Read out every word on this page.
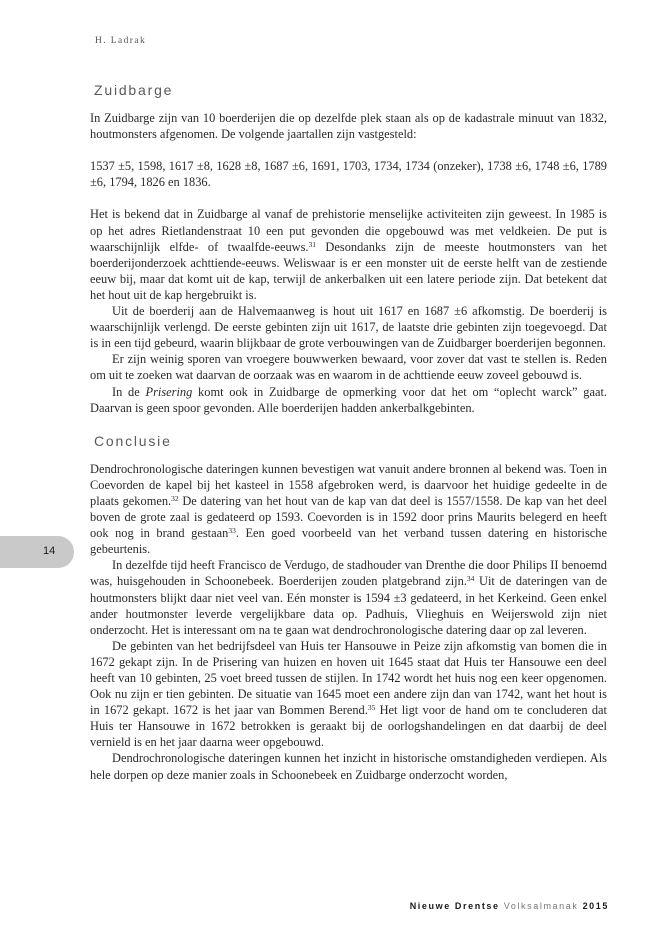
H. Ladrak
Zuidbarge

In Zuidbarge zijn van 10 boerderijen die op dezelfde plek staan als op de kadastrale minuut van 1832, houtmonsters afgenomen. De volgende jaartallen zijn vastgesteld:

1537 ±5, 1598, 1617 ±8, 1628 ±8, 1687 ±6, 1691, 1703, 1734, 1734 (onzeker), 1738 ±6, 1748 ±6, 1789 ±6, 1794, 1826 en 1836.

Het is bekend dat in Zuidbarge al vanaf de prehistorie menselijke activiteiten zijn geweest. In 1985 is op het adres Rietlandenstraat 10 een put gevonden die opgebouwd was met veldkeien. De put is waarschijnlijk elfde- of twaalfde-eeuws.$^{31}$ Desondanks zijn de meeste houtmonsters van het boerderijonderzoek achttiende-eeuws. Weliswaar is er een monster uit de eerste helft van de zestiende eeuw bij, maar dat komt uit de kap, terwijl de ankerbalken uit een latere periode zijn. Dat betekent dat het hout uit de kap hergebruikt is.

Uit de boerderij aan de Halvemaanweg is hout uit 1617 en 1687 ±6 afkomstig. De boerderij is waarschijnlijk verlengd. De eerste gebinten zijn uit 1617, de laatste drie gebinten zijn toegevoegd. Dat is in een tijd gebeurd, waarin blijkbaar de grote verbouwingen van de Zuidbarger boerderijen begonnen.

Er zijn weinig sporen van vroegere bouwwerken bewaard, voor zover dat vast te stellen is. Reden om uit te zoeken wat daarvan de oorzaak was en waarom in de achttiende eeuw zoveel gebouwd is.

In de Prisering komt ook in Zuidbarge de opmerking voor dat het om “oplecht warck” gaat. Daarvan is geen spoor gevonden. Alle boerderijen hadden ankerbalkgebinten.

Conclusie

Dendrochronologische dateringen kunnen bevestigen wat vanuit andere bronnen al bekend was. Toen in Coevorden de kapel bij het kasteel in 1558 afgebroken werd, is daarvoor het huidige gedeelte in de plaats gekomen.$^{32}$ De datering van het hout van de kap van dat deel is 1557/1558. De kap van het deel boven de grote zaal is gedateerd op 1593. Coevorden is in 1592 door prins Maurits belegerd en heeft ook nog in brand gestaan$^{33}$. Een goed voorbeeld van het verband tussen datering en historische gebeurtenis.

In dezelfde tijd heeft Francisco de Verdugo, de stadhouder van Drenthe die door Philips II benoemd was, huisgehouden in Schoonebeek. Boerderijen zouden platgebrand zijn.$^{34}$ Uit de dateringen van de houtmonsters blijkt daar niet veel van. Eén monster is 1594 ±3 gedateerd, in het Kerkeind. Geen enkel ander houtmonster leverde vergelijkbare data op. Padhuis, Vlieghuis en Weijerswold zijn niet onderzocht. Het is interessant om na te gaan wat dendrochronologische datering daar op zal leveren.

De gebinten van het bedrijfsdeel van Huis ter Hansouwe in Peize zijn afkomstig van bomen die in 1672 gekapt zijn. In de Prisering van huizen en hoven uit 1645 staat dat Huis ter Hansouwe een deel heeft van 10 gebinten, 25 voet breed tussen de stijlen. In 1742 wordt het huis nog een keer opgenomen. Ook nu zijn er tien gebinten. De situatie van 1645 moet een andere zijn dan van 1742, want het hout is in 1672 gekapt. 1672 is het jaar van Bommen Berend.$^{35}$ Het ligt voor de hand om te concluderen dat Huis ter Hansouwe in 1672 betrokken is geraakt bij de oorlogshandelingen en dat daarbij de deel vernield is en het jaar daarna weer opgebouwd.

Dendrochronologische dateringen kunnen het inzicht in historische omstandigheden verdiepen. Als hele dorpen op deze manier zoals in Schoonebeek en Zuidbarge onderzocht worden,

14
Nieuwe Drentse Volksalmanak 2015
